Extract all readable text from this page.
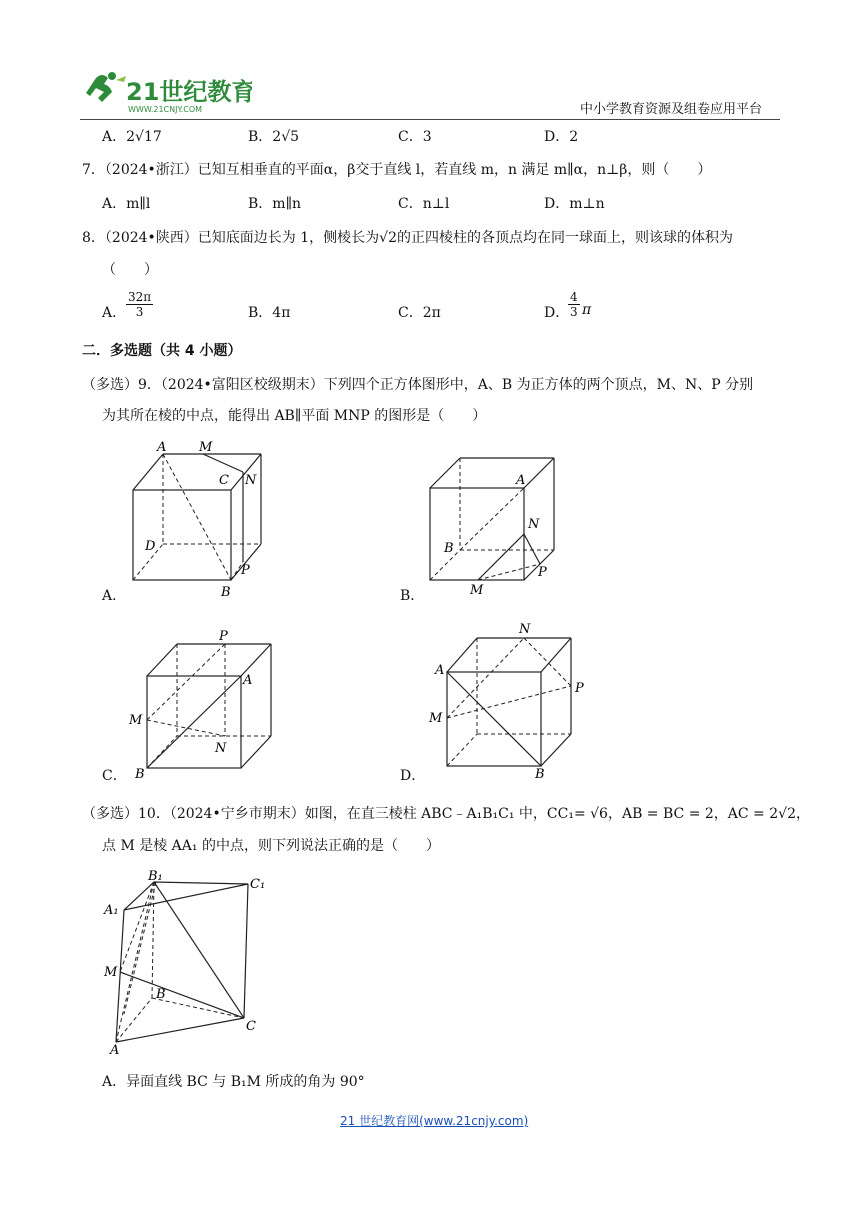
21世纪教育
WWW.21CNJY.COM	中小学教育资源及组卷应用平台
A．2√17	B．2√5	C．3	D．2
7．（2024•浙江）已知互相垂直的平面α，β交于直线 l，若直线 m，n 满足 m∥α，n⊥β，则（　　）
A．m∥l	B．m∥n	C．n⊥l	D．m⊥n
8．（2024•陕西）已知底面边长为 1，侧棱长为√2的正四棱柱的各顶点均在同一球面上，则该球的体积为
（　　）
A． $\frac{32\pi}{3}$	B．4π	C．2π	D．
$\frac{4}{3}$ π
二．多选题（共 4 小题）
（多选）9．（2024•富阳区校级期末）下列四个正方体图形中，A、B 为正方体的两个顶点，M、N、P 分别
为其所在棱的中点，能得出 AB∥平面 MNP 的图形是（　　）
A	M
C N
D
P
B
A．
A
N
B
P
M
B．
P
A
M
N
B
C．
N
A
P
M
B
D．
（多选）10．（2024•宁乡市期末）如图，在直三棱柱 ABC﹣A₁B₁C₁ 中，CC₁= √6，AB = BC = 2，AC = 2√2，
点 M 是棱 AA₁ 的中点，则下列说法正确的是（　　）
B₁
C₁
A₁
M
B
C
A
A．异面直线 BC 与 B₁M 所成的角为 90°
21 世纪教育网(www.21cnjy.com)
